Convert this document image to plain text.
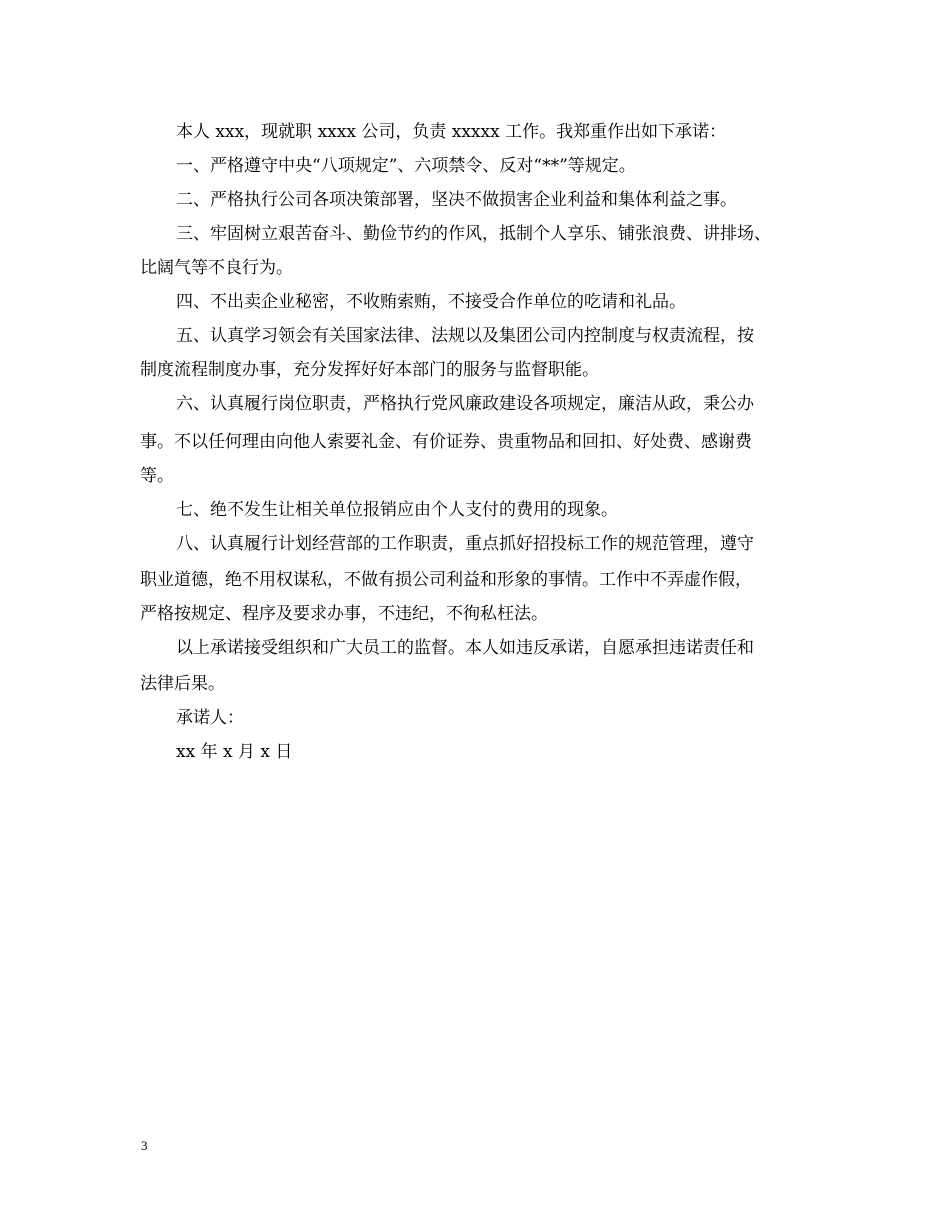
本人 xxx，现就职 xxxx 公司，负责 xxxxx 工作。我郑重作出如下承诺：
一、严格遵守中央“八项规定”、六项禁令、反对“**”等规定。
二、严格执行公司各项决策部署，坚决不做损害企业利益和集体利益之事。
三、牢固树立艰苦奋斗、勤俭节约的作风，抵制个人享乐、铺张浪费、讲排场、
比阔气等不良行为。
四、不出卖企业秘密，不收贿索贿，不接受合作单位的吃请和礼品。
五、认真学习领会有关国家法律、法规以及集团公司内控制度与权责流程，按
制度流程制度办事，充分发挥好好本部门的服务与监督职能。
六、认真履行岗位职责，严格执行党风廉政建设各项规定，廉洁从政，秉公办
事。不以任何理由向他人索要礼金、有价证券、贵重物品和回扣、好处费、感谢费
等。
七、绝不发生让相关单位报销应由个人支付的费用的现象。
八、认真履行计划经营部的工作职责，重点抓好招投标工作的规范管理，遵守
职业道德，绝不用权谋私，不做有损公司利益和形象的事情。工作中不弄虚作假，
严格按规定、程序及要求办事，不违纪，不徇私枉法。
以上承诺接受组织和广大员工的监督。本人如违反承诺，自愿承担违诺责任和
法律后果。
承诺人：
xx 年 x 月 x 日
3
